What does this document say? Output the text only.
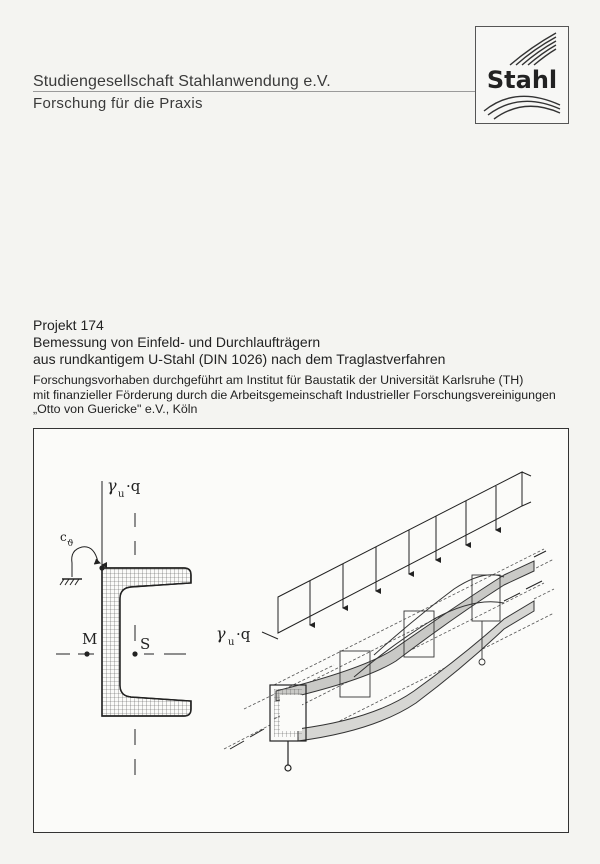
Studiengesellschaft Stahlanwendung e.V.
Forschung für die Praxis
Stahl
Projekt 174
Bemessung von Einfeld- und Durchlaufträgern
aus rundkantigem U-Stahl (DIN 1026) nach dem Traglastverfahren
Forschungsvorhaben durchgeführt am Institut für Baustatik der Universität Karlsruhe (TH)
mit finanzieller Förderung durch die Arbeitsgemeinschaft Industrieller Forschungsvereinigungen
„Otto von Guericke" e.V., Köln
γ u ·q
c ϑ
M	S
γ u ·q
